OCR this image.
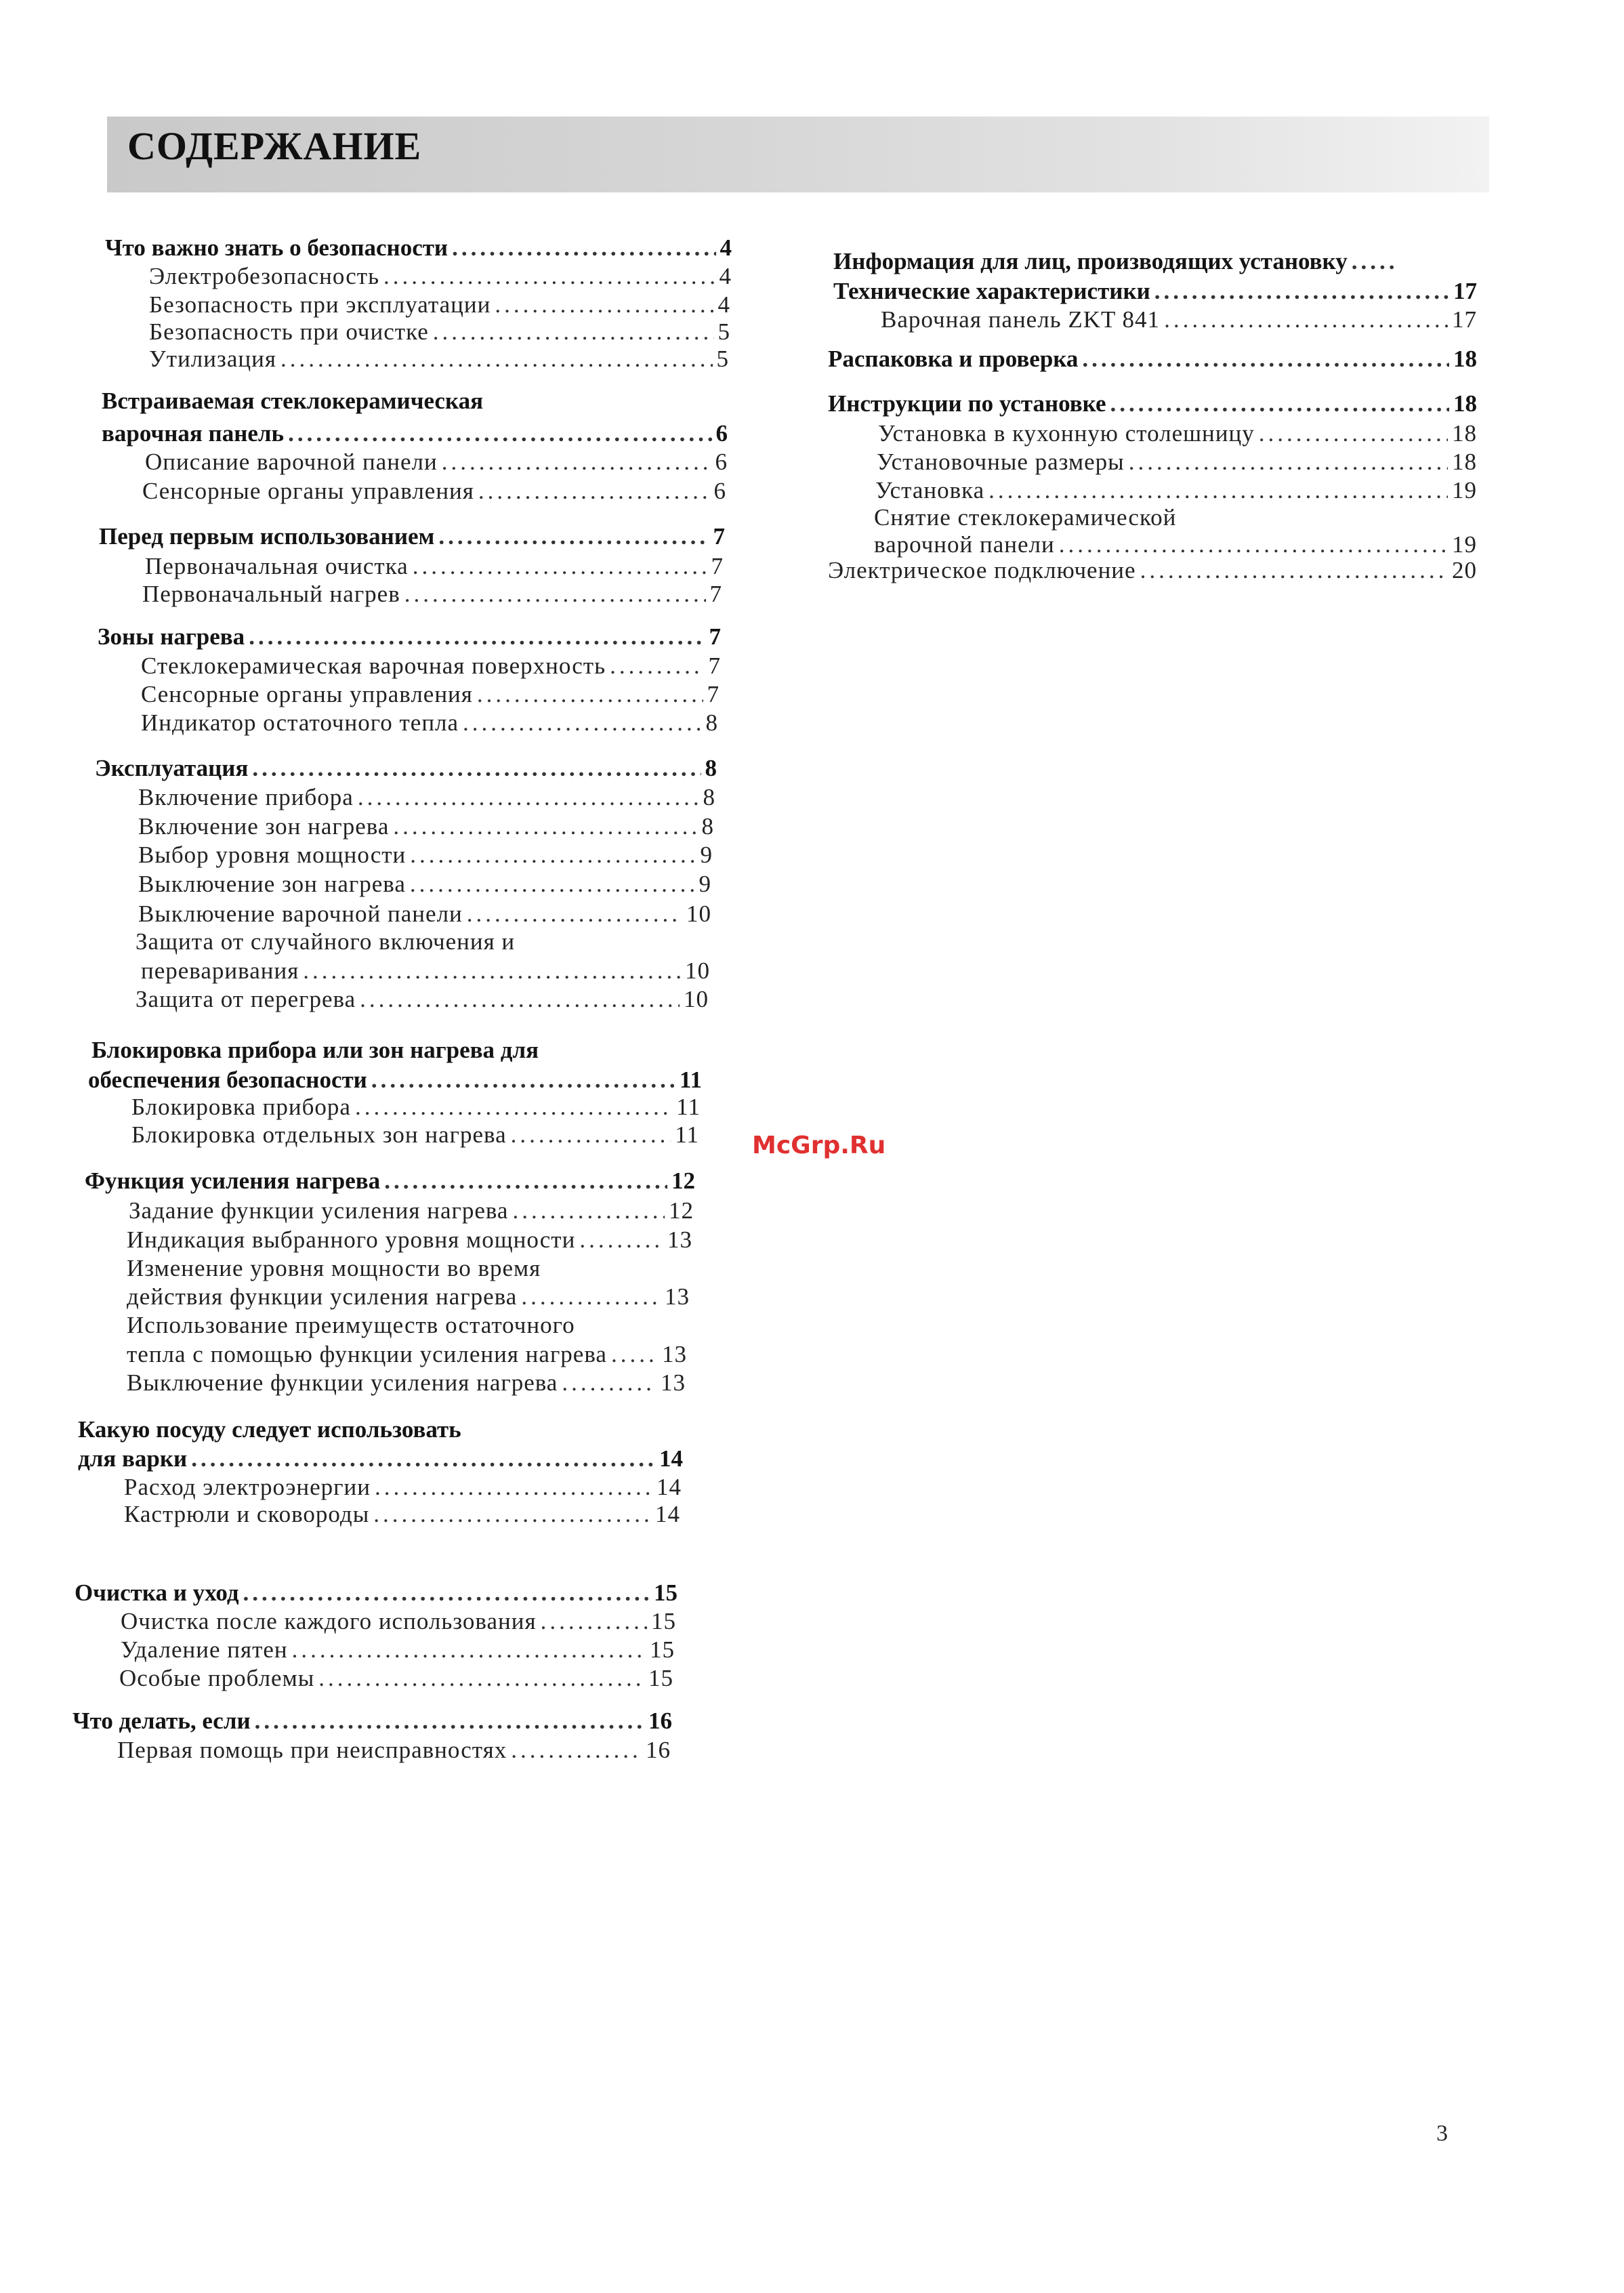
СОДЕРЖАНИЕ
Что важно знать о безопасности .....	4
Электробезопасность .....	4
Безопасность при эксплуатации .....	4
Безопасность при очистке .....	5
Утилизация .....	5
Встраиваемая стеклокерамическая
варочная панель .....	6
Описание варочной панели .....	6
Сенсорные органы управления .....	6
Перед первым использованием .....	7
Первоначальная очистка .....	7
Первоначальный нагрев .....	7
Зоны нагрева .....	7
Стеклокерамическая варочная поверхность .....	7
Сенсорные органы управления .....	7
Индикатор остаточного тепла .....	8
Эксплуатация .....	8
Включение прибора .....	8
Включение зон нагрева .....	8
Выбор уровня мощности .....	9
Выключение зон нагрева .....	9
Выключение варочной панели .....	10
Защита от случайного включения и
переваривания .....	10
Защита от перегрева .....	10
Блокировка прибора или зон нагрева для
обеспечения безопасности .....	11
Блокировка прибора .....	11
Блокировка отдельных зон нагрева .....	11
Функция усиления нагрева .....	12
Задание функции усиления нагрева .....	12
Индикация выбранного уровня мощности .....	13
Изменение уровня мощности во время
действия функции усиления нагрева .....	13
Использование преимуществ остаточного
тепла с помощью функции усиления нагрева ..... 13
Выключение функции усиления нагрева .....	13
Какую посуду следует использовать
для варки .....	14
Расход электроэнергии .....	14
Кастрюли и сковороды .....	14
Очистка и уход .....	15
Очистка после каждого использования .....	15
Удаление пятен .....	15
Особые проблемы .....	15
Что делать, если .....	16
Первая помощь при неисправностях .....	16
Информация для лиц, производящих установку
.....
Технические характеристики .....	17
Варочная панель ZKT 841 .....	17
Распаковка и проверка .....	18
Инструкции по установке .....	18
Установка в кухонную столешницу .....	18
Установочные размеры .....	18
Установка .....	19
Снятие стеклокерамической
варочной панели .....	19
Электрическое подключение .....	20
McGrp.Ru
3
